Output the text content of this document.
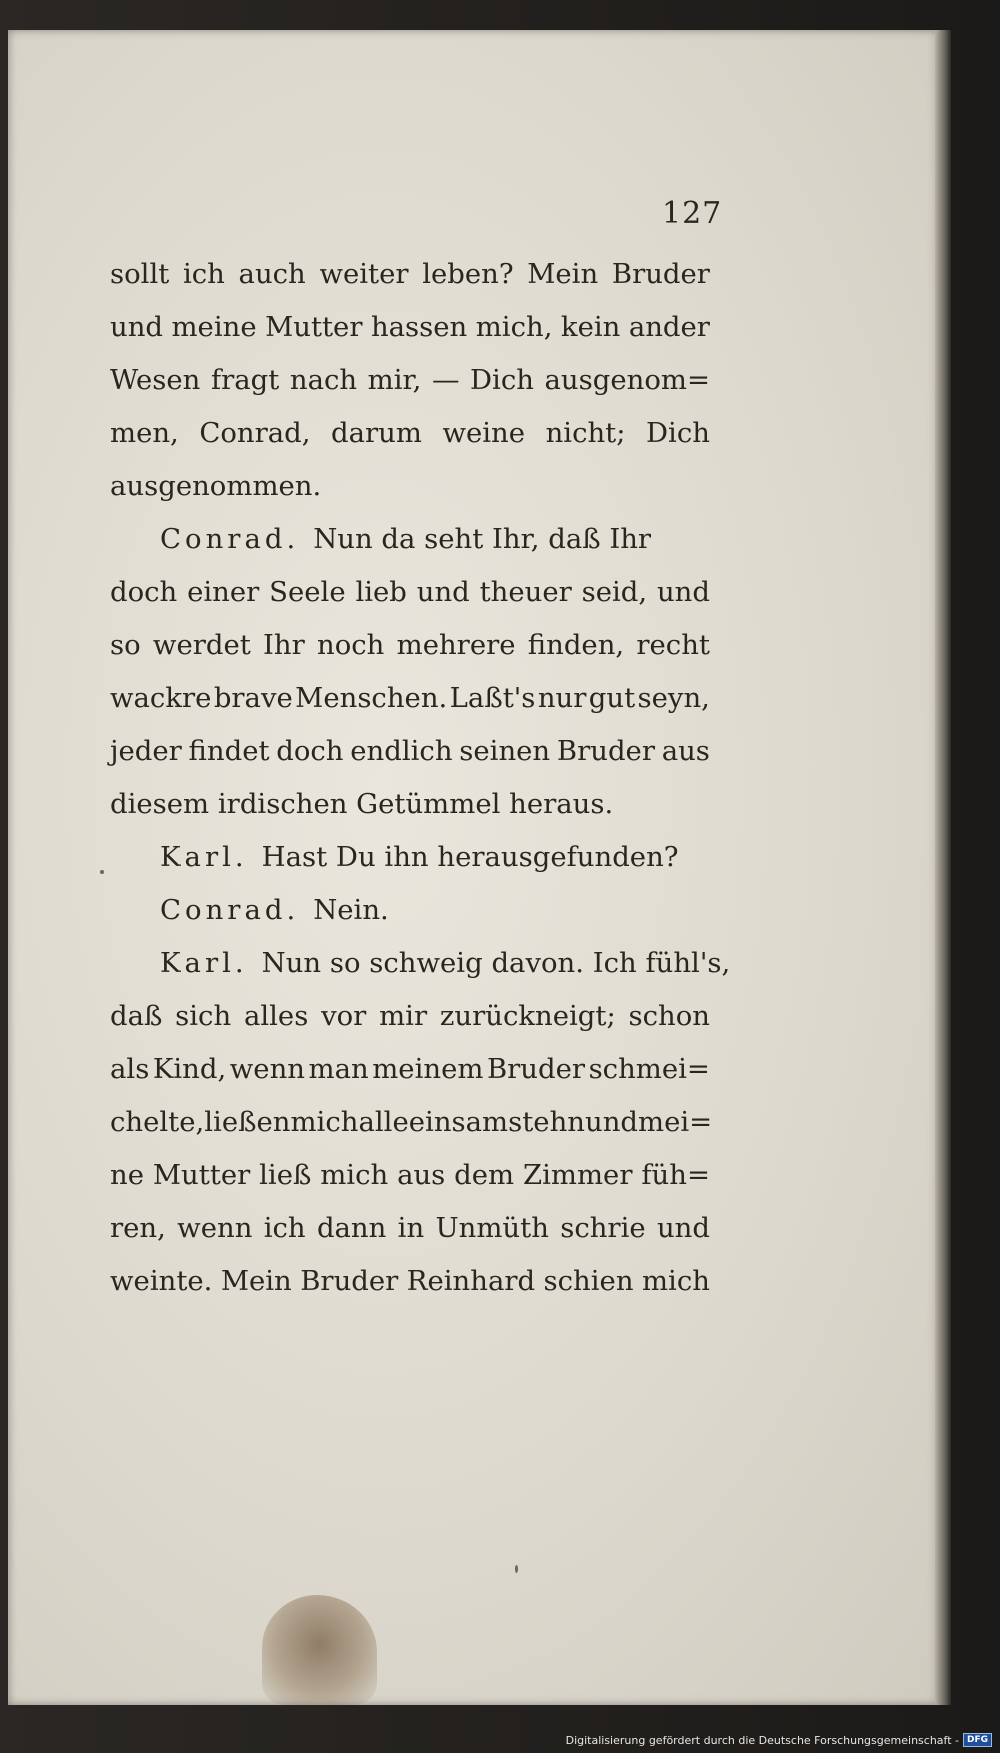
127
sollt ich auch weiter leben? Mein Bruder
und meine Mutter hassen mich, kein ander
Wesen fragt nach mir, — Dich ausgenom=
men, Conrad, darum weine nicht; Dich
ausgenommen.
Conrad. Nun da seht Ihr, daß Ihr
doch einer Seele lieb und theuer seid, und
so werdet Ihr noch mehrere finden, recht
wackre brave Menschen. Laßt's nur gut seyn,
jeder findet doch endlich seinen Bruder aus
diesem irdischen Getümmel heraus.
Karl. Hast Du ihn herausgefunden?
Conrad. Nein.
Karl. Nun so schweig davon. Ich fühl's,
daß sich alles vor mir zurückneigt; schon
als Kind, wenn man meinem Bruder schmei=
chelte, ließen mich alle einsam stehn und mei=
ne Mutter ließ mich aus dem Zimmer füh=
ren, wenn ich dann in Unmüth schrie und
weinte. Mein Bruder Reinhard schien mich
Digitalisierung gefördert durch die Deutsche Forschungsgemeinschaft - DFG
